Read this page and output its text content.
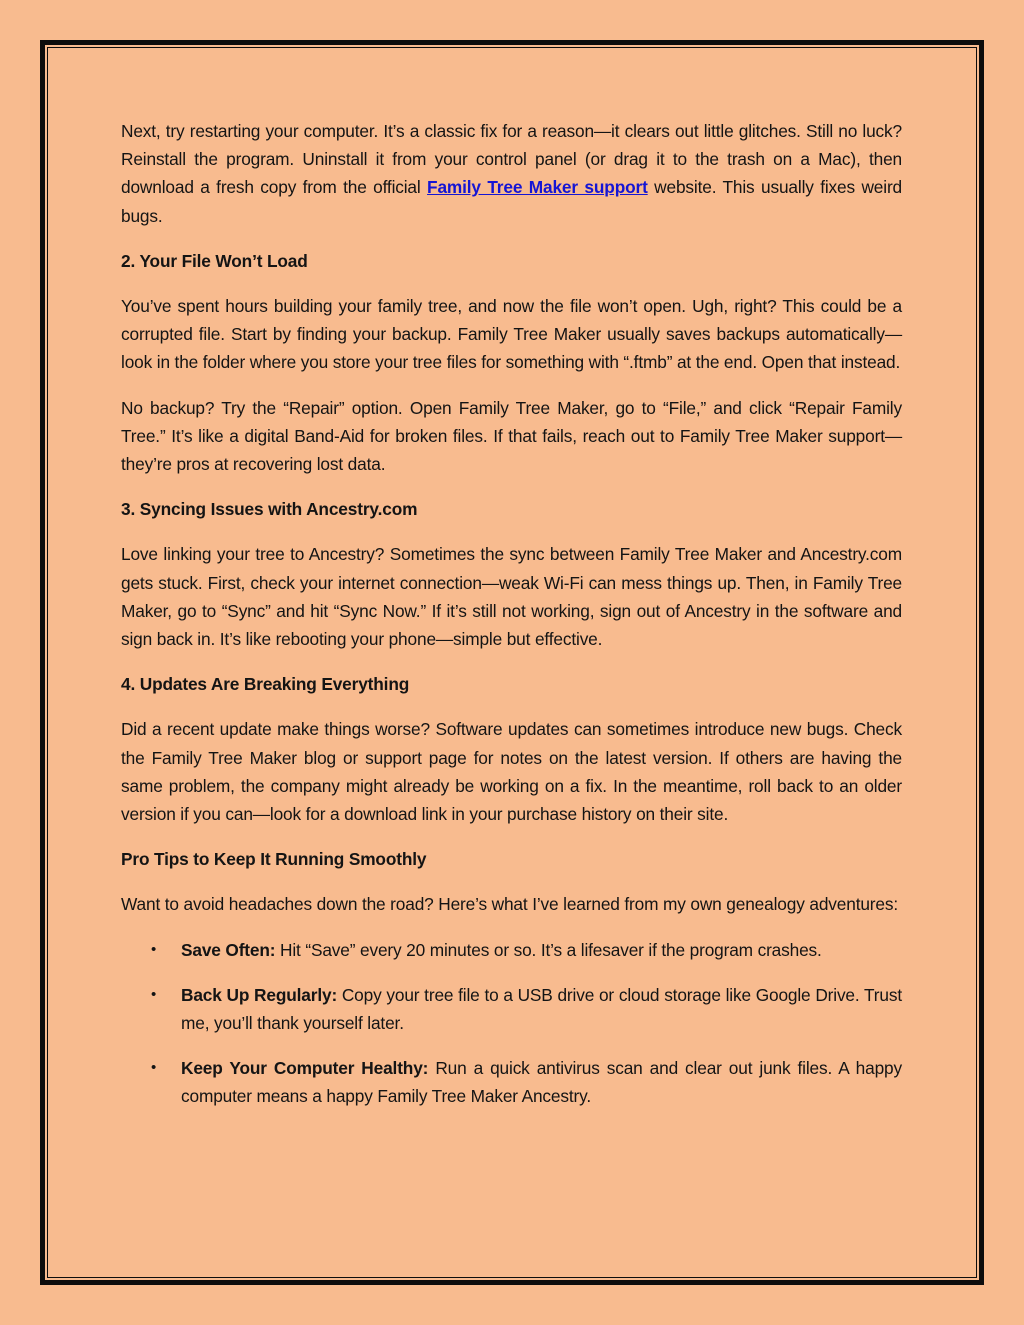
Next, try restarting your computer. It’s a classic fix for a reason—it clears out little glitches. Still no luck? Reinstall the program. Uninstall it from your control panel (or drag it to the trash on a Mac), then download a fresh copy from the official Family Tree Maker support website. This usually fixes weird bugs.

2. Your File Won’t Load

You’ve spent hours building your family tree, and now the file won’t open. Ugh, right? This could be a corrupted file. Start by finding your backup. Family Tree Maker usually saves backups automatically—look in the folder where you store your tree files for something with “.ftmb” at the end. Open that instead.

No backup? Try the “Repair” option. Open Family Tree Maker, go to “File,” and click “Repair Family Tree.” It’s like a digital Band-Aid for broken files. If that fails, reach out to Family Tree Maker support—they’re pros at recovering lost data.

3. Syncing Issues with Ancestry.com

Love linking your tree to Ancestry? Sometimes the sync between Family Tree Maker and Ancestry.com gets stuck. First, check your internet connection—weak Wi-Fi can mess things up. Then, in Family Tree Maker, go to “Sync” and hit “Sync Now.” If it’s still not working, sign out of Ancestry in the software and sign back in. It’s like rebooting your phone—simple but effective.

4. Updates Are Breaking Everything

Did a recent update make things worse? Software updates can sometimes introduce new bugs. Check the Family Tree Maker blog or support page for notes on the latest version. If others are having the same problem, the company might already be working on a fix. In the meantime, roll back to an older version if you can—look for a download link in your purchase history on their site.

Pro Tips to Keep It Running Smoothly

Want to avoid headaches down the road? Here’s what I’ve learned from my own genealogy adventures:

• Save Often: Hit “Save” every 20 minutes or so. It’s a lifesaver if the program crashes.
• Back Up Regularly: Copy your tree file to a USB drive or cloud storage like Google Drive. Trust me, you’ll thank yourself later.
• Keep Your Computer Healthy: Run a quick antivirus scan and clear out junk files. A happy computer means a happy Family Tree Maker Ancestry.
